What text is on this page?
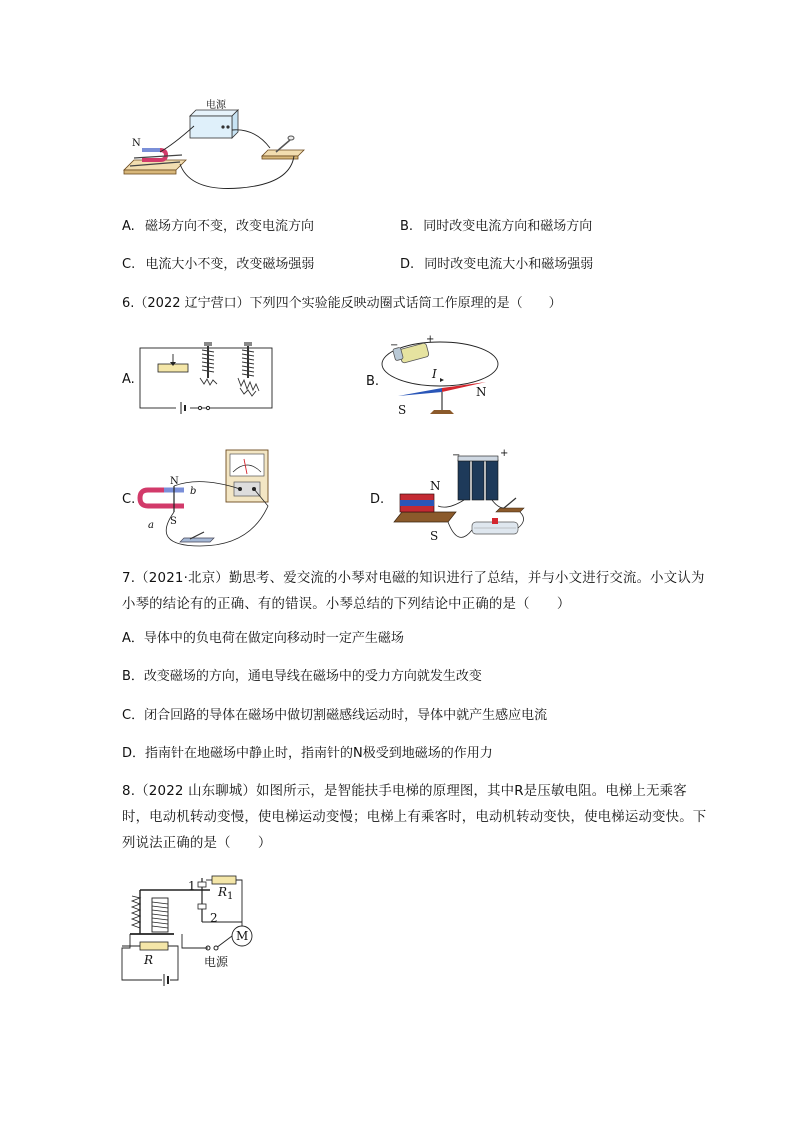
电源
N
A. 磁场方向不变，改变电流方向	B. 同时改变电流方向和磁场方向
C. 电流大小不变，改变磁场强弱	D. 同时改变电流大小和磁场强弱
6.（2022 辽宁营口）下列四个实验能反映动圈式话筒工作原理的是（　　）
A.	B.
−
+
I
N
S
C.
N
S
b
a
D.
−	+
N
S
7.（2021·北京）勤思考、爱交流的小琴对电磁的知识进行了总结，并与小文进行交流。小文认为小琴的结论有的正确、有的错误。小琴总结的下列结论中正确的是（　　）
A．导体中的负电荷在做定向移动时一定产生磁场
B．改变磁场的方向，通电导线在磁场中的受力方向就发生改变
C．闭合回路的导体在磁场中做切割磁感线运动时，导体中就产生感应电流
D．指南针在地磁场中静止时，指南针的N极受到地磁场的作用力
8.（2022 山东聊城）如图所示，是智能扶手电梯的原理图，其中R是压敏电阻。电梯上无乘客时，电动机转动变慢，使电梯运动变慢；电梯上有乘客时，电动机转动变快，使电梯运动变快。下列说法正确的是（　　）
1
2
R 1
M
电源
R
